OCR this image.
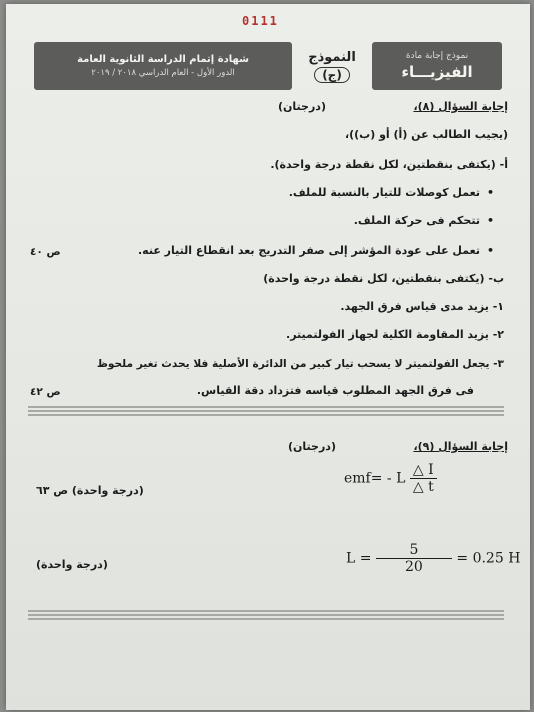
0111
نموذج إجابة مادة
الفيزيـــاء
النموذج
(ج)
شهادة إتمام الدراسة الثانوية العامة
الدور الأول - العام الدراسي ٢٠١٨ / ٢٠١٩
إجابة السؤال (٨)،
(درجتان)
(يجيب الطالب عن (أ) أو (ب))،
أ- (يكتفى بنقطتين، لكل نقطة درجة واحدة).
• تعمل كوصلات للتيار بالنسبة للملف.
• تتحكم فى حركة الملف.
• تعمل على عودة المؤشر إلى صفر التدريج بعد انقطاع التيار عنه.
ص ٤٠
ب- (يكتفى بنقطتين، لكل نقطة درجة واحدة)
١- يزيد مدى قياس فرق الجهد.
٢- يزيد المقاومة الكلية لجهاز الفولتميتر.
٣- يجعل الفولتميتر لا يسحب تيار كبير من الدائرة الأصلية فلا يحدث تغير ملحوظ
فى فرق الجهد المطلوب قياسه فتزداد دقة القياس.
ص ٤٢
إجابة السؤال (٩)،
(درجتان)
emf= - L $\frac{\triangle I}{\triangle t}$
(درجة واحدة) ص ٦٣
$L = \frac{5}{20} = 0.25$ H
(درجة واحدة)
